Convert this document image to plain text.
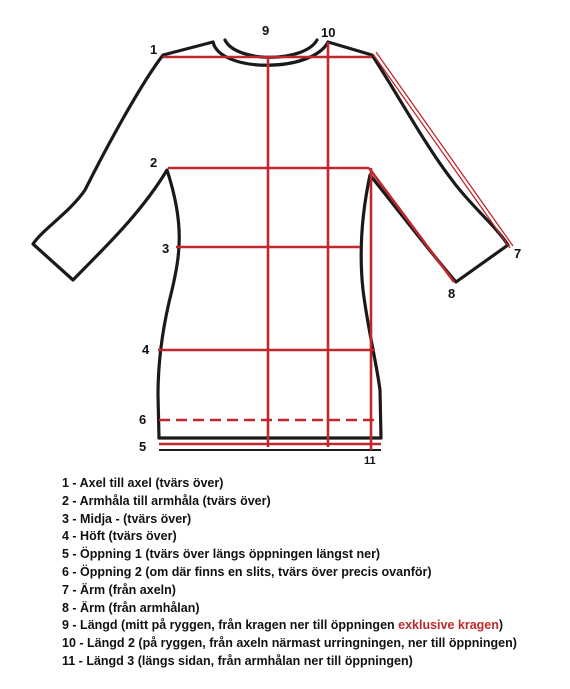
1
2
3
4
5
6
7
8
9	10
11
1 - Axel till axel (tvärs över)
2 - Armhåla till armhåla (tvärs över)
3 - Midja - (tvärs över)
4 - Höft (tvärs över)
5 - Öppning 1 (tvärs över längs öppningen längst ner)
6 - Öppning 2 (om där finns en slits, tvärs över precis ovanför)
7 - Ärm (från axeln)
8 - Ärm (från armhålan)
9 - Längd (mitt på ryggen, från kragen ner till öppningen exklusive kragen)
10 - Längd 2 (på ryggen, från axeln närmast urringningen, ner till öppningen)
11 - Längd 3 (längs sidan, från armhålan ner till öppningen)
